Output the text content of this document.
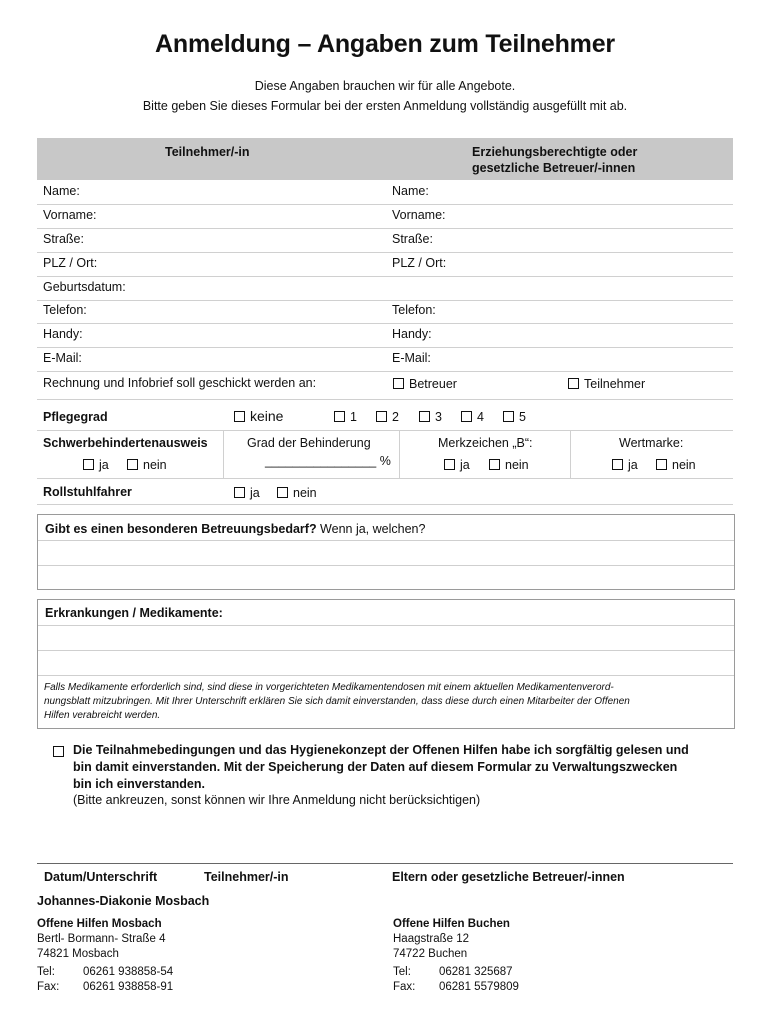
Anmeldung – Angaben zum Teilnehmer
Diese Angaben brauchen wir für alle Angebote.
Bitte geben Sie dieses Formular bei der ersten Anmeldung vollständig ausgefüllt mit ab.
Teilnehmer/-in	Erziehungsberechtigte oder
gesetzliche Betreuer/-innen
Name:	Name:
Vorname:	Vorname:
Straße:	Straße:
PLZ / Ort:	PLZ / Ort:
Geburtsdatum:
Telefon:	Telefon:
Handy:	Handy:
E-Mail:	E-Mail:
Rechnung und Infobrief soll geschickt werden an:	Betreuer	Teilnehmer
Pflegegrad	keine	1	2	3	4	5
Schwerbehindertenausweis
ja	nein
Grad der Behinderung
________________ %
Merkzeichen „B“:
ja	nein
Wertmarke:
ja	nein
Rollstuhlfahrer	ja	nein
Gibt es einen besonderen Betreuungsbedarf? Wenn ja, welchen?
Erkrankungen / Medikamente:
Falls Medikamente erforderlich sind, sind diese in vorgerichteten Medikamentendosen mit einem aktuellen Medikamentenverord-
nungsblatt mitzubringen. Mit Ihrer Unterschrift erklären Sie sich damit einverstanden, dass diese durch einen Mitarbeiter der Offenen
Hilfen verabreicht werden.
Die Teilnahmebedingungen und das Hygienekonzept der Offenen Hilfen habe ich sorgfältig gelesen und
bin damit einverstanden. Mit der Speicherung der Daten auf diesem Formular zu Verwaltungszwecken
bin ich einverstanden.
(Bitte ankreuzen, sonst können wir Ihre Anmeldung nicht berücksichtigen)
Datum/Unterschrift	Teilnehmer/-in	Eltern oder gesetzliche Betreuer/-innen
Johannes-Diakonie Mosbach
Offene Hilfen Mosbach
Bertl- Bormann- Straße 4
74821 Mosbach
Tel: 06261 938858-54
Fax: 06261 938858-91
Offene Hilfen Buchen
Haagstraße 12
74722 Buchen
Tel: 06281 325687
Fax: 06281 5579809
